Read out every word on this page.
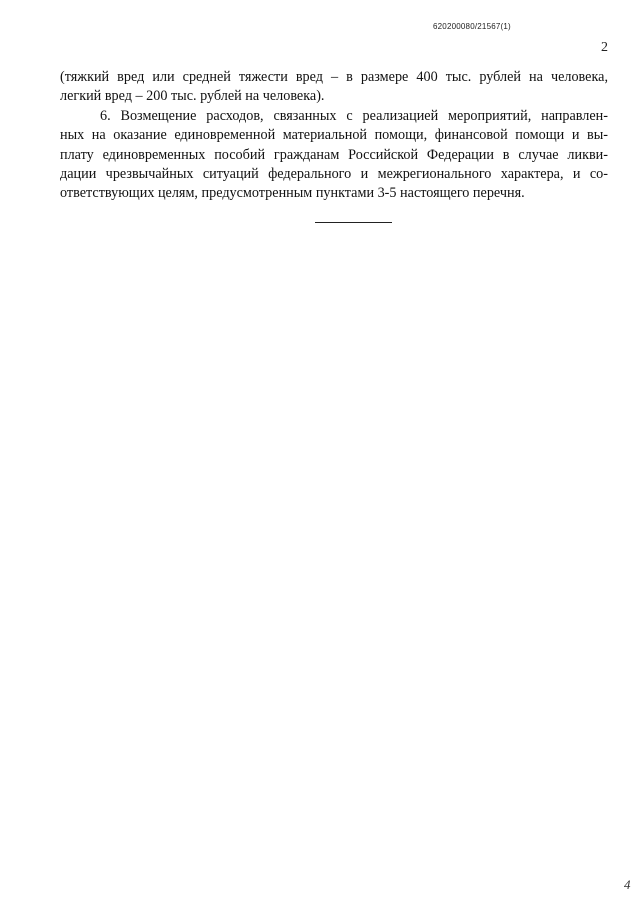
620200080/21567(1)
2
(тяжкий вред или средней тяжести вред – в размере 400 тыс. рублей на человека,
легкий вред – 200 тыс. рублей на человека).
6. Возмещение расходов, связанных с реализацией мероприятий, направлен-
ных на оказание единовременной материальной помощи, финансовой помощи и вы-
плату единовременных пособий гражданам Российской Федерации в случае ликви-
дации чрезвычайных ситуаций федерального и межрегионального характера, и со-
ответствующих целям, предусмотренным пунктами 3-5 настоящего перечня.
4
